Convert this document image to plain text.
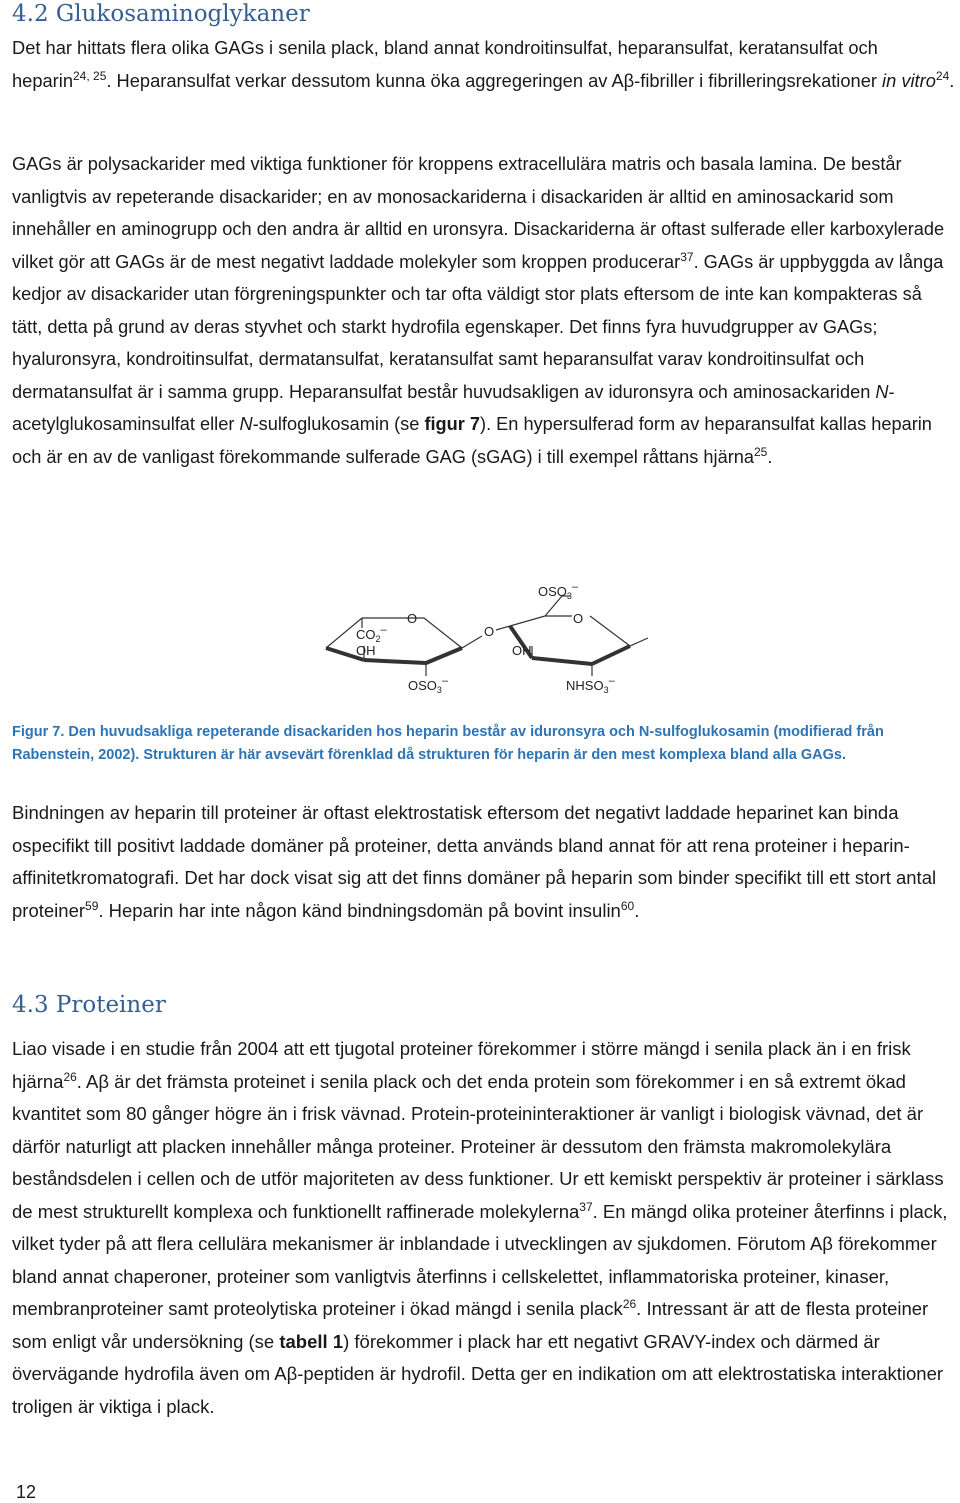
4.2 Glukosaminoglykaner

Det har hittats flera olika GAGs i senila plack, bland annat kondroitinsulfat, heparansulfat, keratansulfat och heparin$^{24, 25}$. Heparansulfat verkar dessutom kunna öka aggregeringen av Aβ-fibriller i fibrilleringsrekationer in vitro$^{24}$.

GAGs är polysackarider med viktiga funktioner för kroppens extracellulära matris och basala lamina. De består vanligtvis av repeterande disackarider; en av monosackariderna i disackariden är alltid en aminosackarid som innehåller en aminogrupp och den andra är alltid en uronsyra. Disackariderna är oftast sulferade eller karboxylerade vilket gör att GAGs är de mest negativt laddade molekyler som kroppen producerar$^{37}$. GAGs är uppbyggda av långa kedjor av disackarider utan förgreningspunkter och tar ofta väldigt stor plats eftersom de inte kan kompakteras så tätt, detta på grund av deras styvhet och starkt hydrofila egenskaper. Det finns fyra huvudgrupper av GAGs; hyaluronsyra, kondroitinsulfat, dermatansulfat, keratansulfat samt heparansulfat varav kondroitinsulfat och dermatansulfat är i samma grupp. Heparansulfat består huvudsakligen av iduronsyra och aminosackariden N-acetylglukosaminsulfat eller N-sulfoglukosamin (se figur 7). En hypersulferad form av heparansulfat kallas heparin och är en av de vanligast förekommande sulferade GAG (sGAG) i till exempel råttans hjärna$^{25}$.

O
O
O
$CO_2^-$
OH	OH
$OSO_3^-$
$OSO_3^-$
$NHSO_3^-$

Figur 7. Den huvudsakliga repeterande disackariden hos heparin består av iduronsyra och N-sulfoglukosamin (modifierad från Rabenstein, 2002). Strukturen är här avsevärt förenklad då strukturen för heparin är den mest komplexa bland alla GAGs.

Bindningen av heparin till proteiner är oftast elektrostatisk eftersom det negativt laddade heparinet kan binda ospecifikt till positivt laddade domäner på proteiner, detta används bland annat för att rena proteiner i heparin-affinitetkromatografi. Det har dock visat sig att det finns domäner på heparin som binder specifikt till ett stort antal proteiner$^{59}$. Heparin har inte någon känd bindningsdomän på bovint insulin$^{60}$.

4.3 Proteiner

Liao visade i en studie från 2004 att ett tjugotal proteiner förekommer i större mängd i senila plack än i en frisk hjärna$^{26}$. Aβ är det främsta proteinet i senila plack och det enda protein som förekommer i en så extremt ökad kvantitet som 80 gånger högre än i frisk vävnad. Protein-proteininteraktioner är vanligt i biologisk vävnad, det är därför naturligt att placken innehåller många proteiner. Proteiner är dessutom den främsta makromolekylära beståndsdelen i cellen och de utför majoriteten av dess funktioner. Ur ett kemiskt perspektiv är proteiner i särklass de mest strukturellt komplexa och funktionellt raffinerade molekylerna$^{37}$. En mängd olika proteiner återfinns i plack, vilket tyder på att flera cellulära mekanismer är inblandade i utvecklingen av sjukdomen. Förutom Aβ förekommer bland annat chaperoner, proteiner som vanligtvis återfinns i cellskelettet, inflammatoriska proteiner, kinaser, membranproteiner samt proteolytiska proteiner i ökad mängd i senila plack$^{26}$. Intressant är att de flesta proteiner som enligt vår undersökning (se tabell 1) förekommer i plack har ett negativt GRAVY-index och därmed är övervägande hydrofila även om Aβ-peptiden är hydrofil. Detta ger en indikation om att elektrostatiska interaktioner troligen är viktiga i plack.

12
